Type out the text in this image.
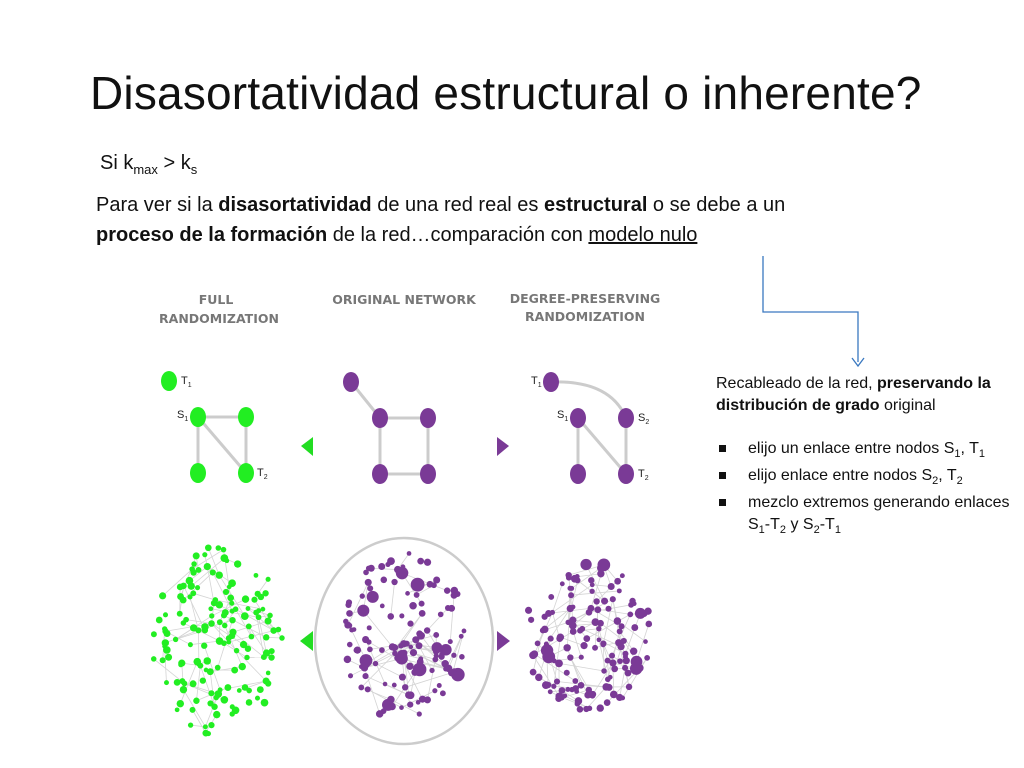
Disasortatividad estructural o inherente?
Si $k_{max} > k_s$
Para ver si la disasortatividad de una red real es estructural o se debe a un
proceso de la formación de la red…comparación con modelo nulo
Recableado de la red, preservando la distribución de grado original
elijo un enlace entre nodos $S_1$, $T_1$
elijo enlace entre nodos $S_2$, $T_2$
mezclo extremos generando enlaces $S_1-T_2$ y $S_2-T_1$
FULL
RANDOMIZATION
ORIGINAL NETWORK	DEGREE-PRESERVING
RANDOMIZATION
$T_1$
$S_1$
$T_2$
$T_1$
$S_1$	$S_2$
$T_2$
